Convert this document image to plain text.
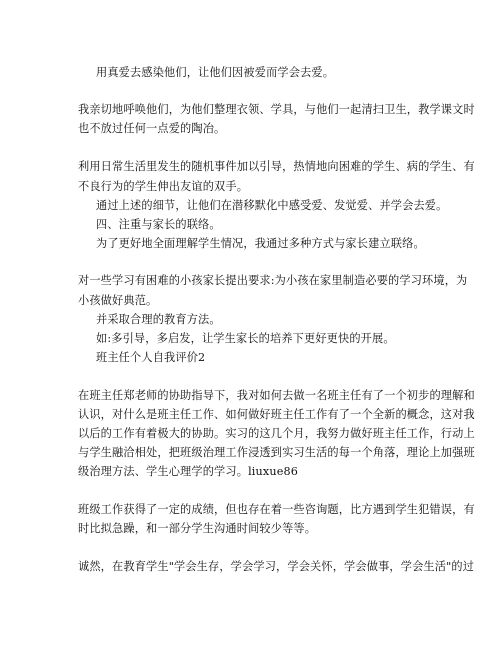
用真爱去感染他们，让他们因被爱而学会去爱。
我亲切地呼唤他们，为他们整理衣领、学具，与他们一起清扫卫生，教学课文时
也不放过任何一点爱的陶冶。
利用日常生活里发生的随机事件加以引导，热情地向困难的学生、病的学生、有
不良行为的学生伸出友谊的双手。
通过上述的细节，让他们在潜移默化中感受爱、发觉爱、并学会去爱。
四、注重与家长的联络。
为了更好地全面理解学生情况，我通过多种方式与家长建立联络。
对一些学习有困难的小孩家长提出要求:为小孩在家里制造必要的学习环境，为
小孩做好典范。
并采取合理的教育方法。
如:多引导，多启发，让学生家长的培养下更好更快的开展。
班主任个人自我评价2
在班主任郑老师的协助指导下，我对如何去做一名班主任有了一个初步的理解和
认识，对什么是班主任工作、如何做好班主任工作有了一个全新的概念，这对我
以后的工作有着极大的协助。实习的这几个月，我努力做好班主任工作，行动上
与学生融洽相处，把班级治理工作浸透到实习生活的每一个角落，理论上加强班
级治理方法、学生心理学的学习。liuxue86
班级工作获得了一定的成绩，但也存在着一些咨询题，比方遇到学生犯错误，有
时比拟急躁，和一部分学生沟通时间较少等等。
诚然，在教育学生"学会生存，学会学习，学会关怀，学会做事，学会生活"的过
